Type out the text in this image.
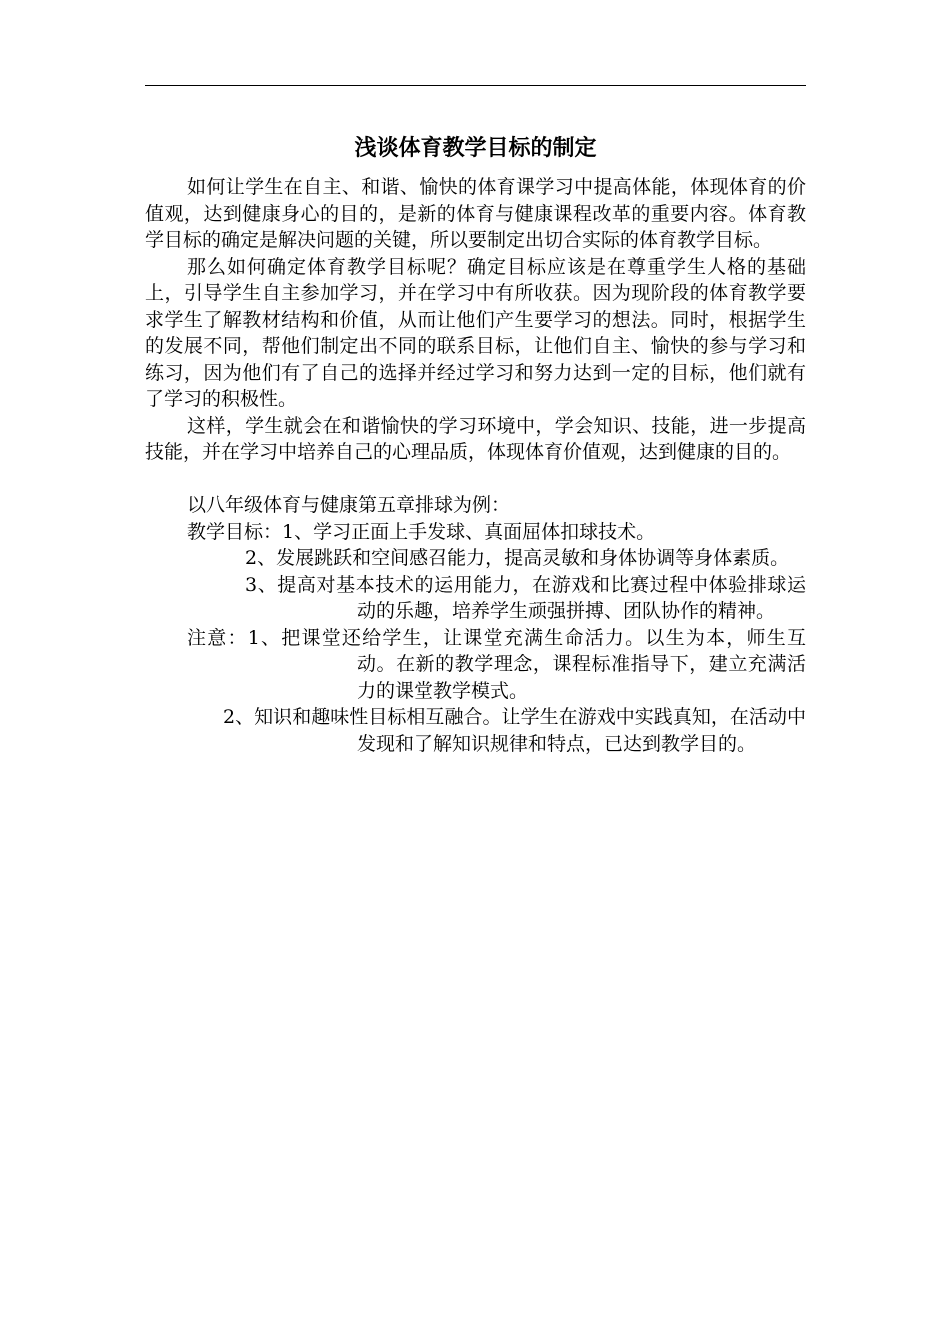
浅谈体育教学目标的制定

如何让学生在自主、和谐、愉快的体育课学习中提高体能，体现体育的价值观，达到健康身心的目的，是新的体育与健康课程改革的重要内容。体育教学目标的确定是解决问题的关键，所以要制定出切合实际的体育教学目标。

那么如何确定体育教学目标呢？确定目标应该是在尊重学生人格的基础上，引导学生自主参加学习，并在学习中有所收获。因为现阶段的体育教学要求学生了解教材结构和价值，从而让他们产生要学习的想法。同时，根据学生的发展不同，帮他们制定出不同的联系目标，让他们自主、愉快的参与学习和练习，因为他们有了自己的选择并经过学习和努力达到一定的目标，他们就有了学习的积极性。

这样，学生就会在和谐愉快的学习环境中，学会知识、技能，进一步提高技能，并在学习中培养自己的心理品质，体现体育价值观，达到健康的目的。

以八年级体育与健康第五章排球为例：

教学目标：1、学习正面上手发球、真面屈体扣球技术。

2、发展跳跃和空间感召能力，提高灵敏和身体协调等身体素质。

3、提高对基本技术的运用能力，在游戏和比赛过程中体验排球运动的乐趣，培养学生顽强拼搏、团队协作的精神。

注意：1、把课堂还给学生，让课堂充满生命活力。以生为本，师生互动。在新的教学理念，课程标准指导下，建立充满活力的课堂教学模式。

2、知识和趣味性目标相互融合。让学生在游戏中实践真知，在活动中发现和了解知识规律和特点，已达到教学目的。
